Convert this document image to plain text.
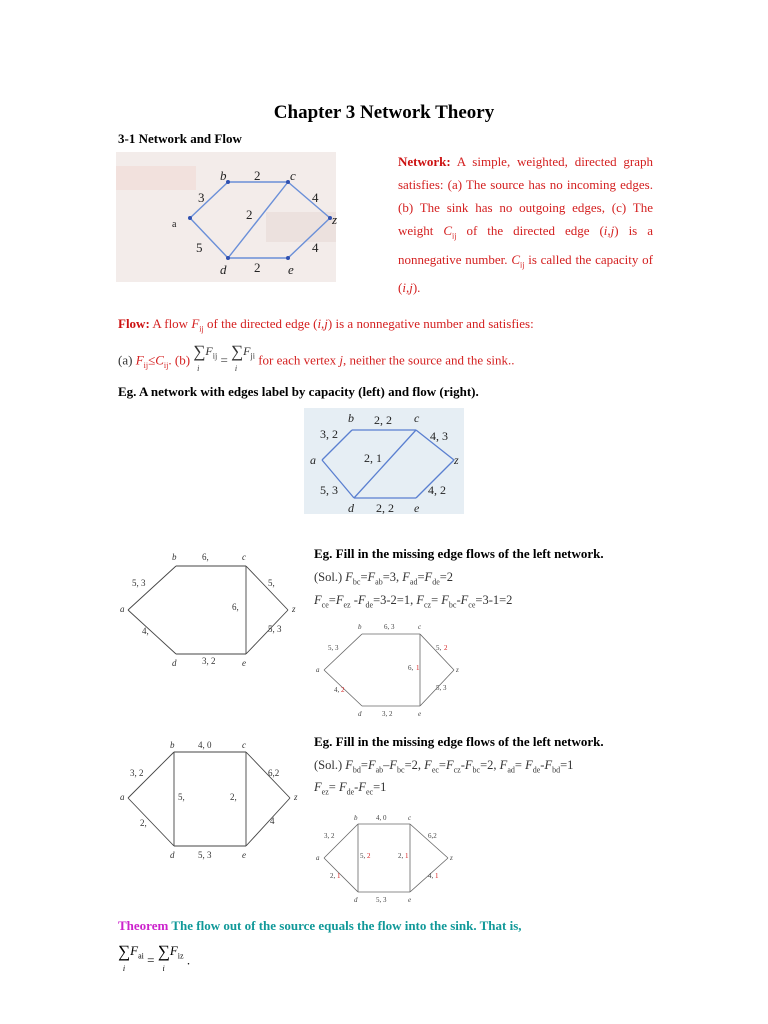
Chapter 3 Network Theory
3-1 Network and Flow
b	c
a
d	e
z
2
3
2
4
5
2
4
Network: A simple, weighted, directed graph satisfies: (a) The source has no incoming edges. (b) The sink has no outgoing edges, (c) The weight $C_{ij}$ of the directed edge (i,j) is a nonnegative number. $C_{ij}$ is called the capacity of (i,j).
Flow: A flow $F_{ij}$ of the directed edge (i,j) is a nonnegative number and satisfies:
(a) $F_{ij}\le C_{ij}$. (b) $\sum F_{ij}$
$i = \sum F_{ji}$
i for each vertex j, neither the source and the sink..
Eg. A network with edges label by capacity (left) and flow (right).
b	c
a
d	e
z
2, 2
3, 2
2, 1
4, 3
5, 3
2, 2
4, 2
b	c
a
d	e
z
6,
5, 3
6,
5,
4,
3, 2
5, 3
Eg. Fill in the missing edge flows of the left network.
(Sol.) $F_{bc}=F_{ab}=3$, $F_{ad}=F_{de}=2$
$F_{ce}=F_{ez}$ $-F_{de}=3-2=1$, $F_{cz}= F_{bc}-F_{ce}=3-1=2$
b	c
a
d	e
z
6, 3
5, 3
6, 1
5, 2
4, 2
3, 2
5, 3
b	c
a
d	e
z
4, 0
3, 2
5,	2,
6,2
2,
5, 3
4
Eg. Fill in the missing edge flows of the left network.
(Sol.) $F_{bd}=F_{ab}-F_{bc}=2$, $F_{ec}=F_{cz}-F_{bc}=2$, $F_{ad}= F_{de}-F_{bd}=1$
$F_{ez}= F_{de}-F_{ec}=1$
b	c
a
d	e
z
4, 0
3, 2
5, 2	2, 1
6,2
2, 1
5, 3
4, 1
Theorem The flow out of the source equals the flow into the sink. That is,
$\sum F_{ai}$
$i = \sum F_{iz}$
i .
